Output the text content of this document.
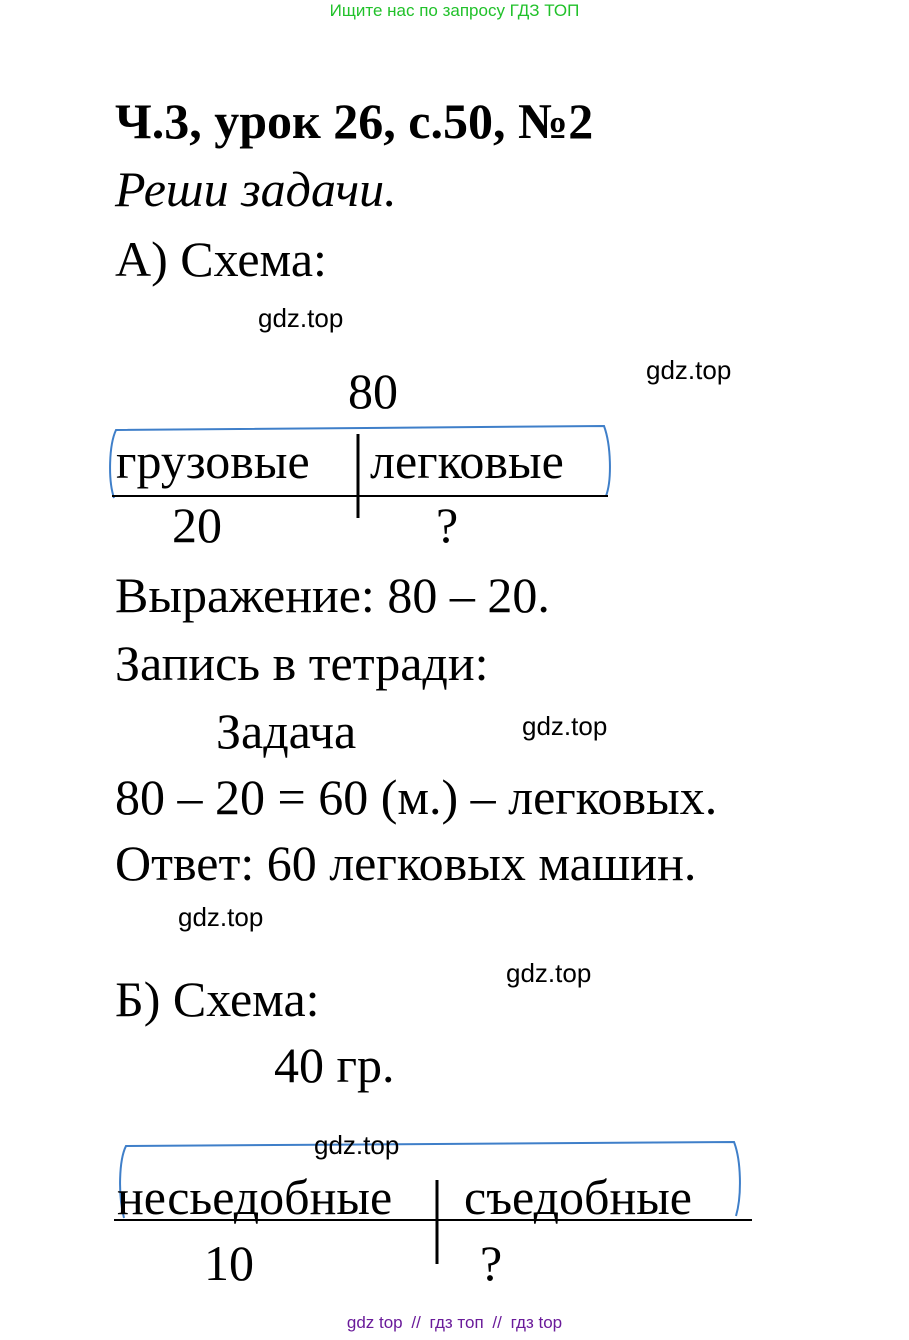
Ищите нас по запросу ГДЗ ТОП
Ч.3, урок 26, с.50, №2
Реши задачи.
А) Схема:
gdz.top
gdz.top
80
грузовые легковые
20	?
Выражение: 80 – 20.
Запись в тетради:
Задача	gdz.top
80 – 20 = 60 (м.) – легковых.
Ответ: 60 легковых машин.
gdz.top
Б) Схема:	gdz.top
40 гр.
gdz.top
несьедобные съедобные
10	?
gdz top // гдз топ // гдз top
